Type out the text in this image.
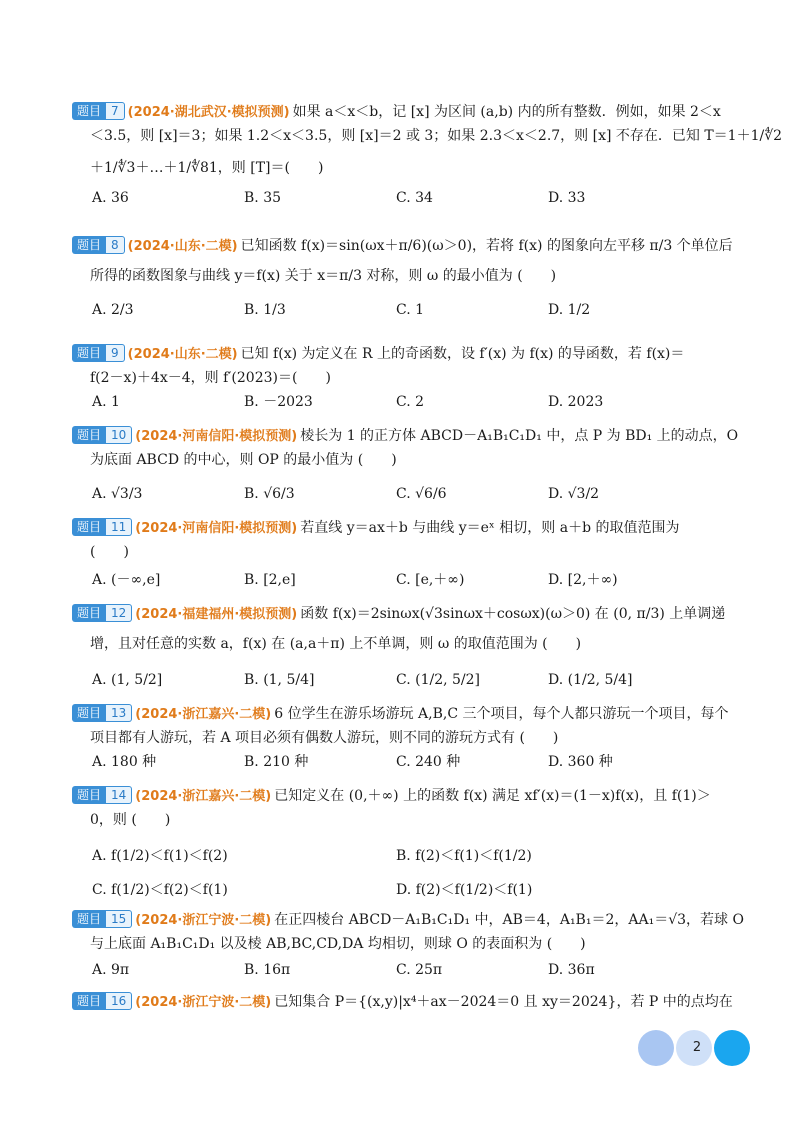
题目 7 (2024·湖北武汉·模拟预测) 如果 a＜x＜b，记 [x] 为区间 (a,b) 内的所有整数．例如，如果 2＜x
＜3.5，则 [x]＝3；如果 1.2＜x＜3.5，则 [x]＝2 或 3；如果 2.3＜x＜2.7，则 [x] 不存在．已知 T＝1＋1/∜2
＋1/∜3＋…＋1/∜81，则 [T]＝(　　)
A. 36	B. 35	C. 34	D. 33
题目 8 (2024·山东·二模) 已知函数 f(x)＝sin(ωx＋π/6)(ω＞0)，若将 f(x) 的图象向左平移 π/3 个单位后
所得的函数图象与曲线 y＝f(x) 关于 x＝π/3 对称，则 ω 的最小值为 (　　)
A. 2/3	B. 1/3	C. 1	D. 1/2
题目 9 (2024·山东·二模) 已知 f(x) 为定义在 R 上的奇函数，设 f′(x) 为 f(x) 的导函数，若 f(x)＝
f(2－x)＋4x－4，则 f′(2023)＝(　　)
A. 1	B. －2023	C. 2	D. 2023
题目 10 (2024·河南信阳·模拟预测) 棱长为 1 的正方体 ABCD－A₁B₁C₁D₁ 中，点 P 为 BD₁ 上的动点，O
为底面 ABCD 的中心，则 OP 的最小值为 (　　)
A. √3/3	B. √6/3	C. √6/6	D. √3/2
题目 11 (2024·河南信阳·模拟预测) 若直线 y＝ax＋b 与曲线 y＝eˣ 相切，则 a＋b 的取值范围为
(　　)
A. (－∞,e]	B. [2,e]	C. [e,＋∞)	D. [2,＋∞)
题目 12 (2024·福建福州·模拟预测) 函数 f(x)＝2sinωx(√3sinωx＋cosωx)(ω＞0) 在 (0, π/3) 上单调递
增，且对任意的实数 a，f(x) 在 (a,a＋π) 上不单调，则 ω 的取值范围为 (　　)
A. (1, 5/2]	B. (1, 5/4]	C. (1/2, 5/2]	D. (1/2, 5/4]
题目 13 (2024·浙江嘉兴·二模) 6 位学生在游乐场游玩 A,B,C 三个项目，每个人都只游玩一个项目，每个
项目都有人游玩，若 A 项目必须有偶数人游玩，则不同的游玩方式有 (　　)
A. 180 种	B. 210 种	C. 240 种	D. 360 种
题目 14 (2024·浙江嘉兴·二模) 已知定义在 (0,＋∞) 上的函数 f(x) 满足 xf′(x)＝(1－x)f(x)，且 f(1)＞
0，则 (　　)
A. f(1/2)＜f(1)＜f(2)	B. f(2)＜f(1)＜f(1/2)
C. f(1/2)＜f(2)＜f(1)	D. f(2)＜f(1/2)＜f(1)
题目 15 (2024·浙江宁波·二模) 在正四棱台 ABCD－A₁B₁C₁D₁ 中，AB＝4，A₁B₁＝2，AA₁＝√3，若球 O
与上底面 A₁B₁C₁D₁ 以及棱 AB,BC,CD,DA 均相切，则球 O 的表面积为 (　　)
A. 9π	B. 16π	C. 25π	D. 36π
题目 16 (2024·浙江宁波·二模) 已知集合 P＝{(x,y)|x⁴＋ax－2024＝0 且 xy＝2024}，若 P 中的点均在
2
